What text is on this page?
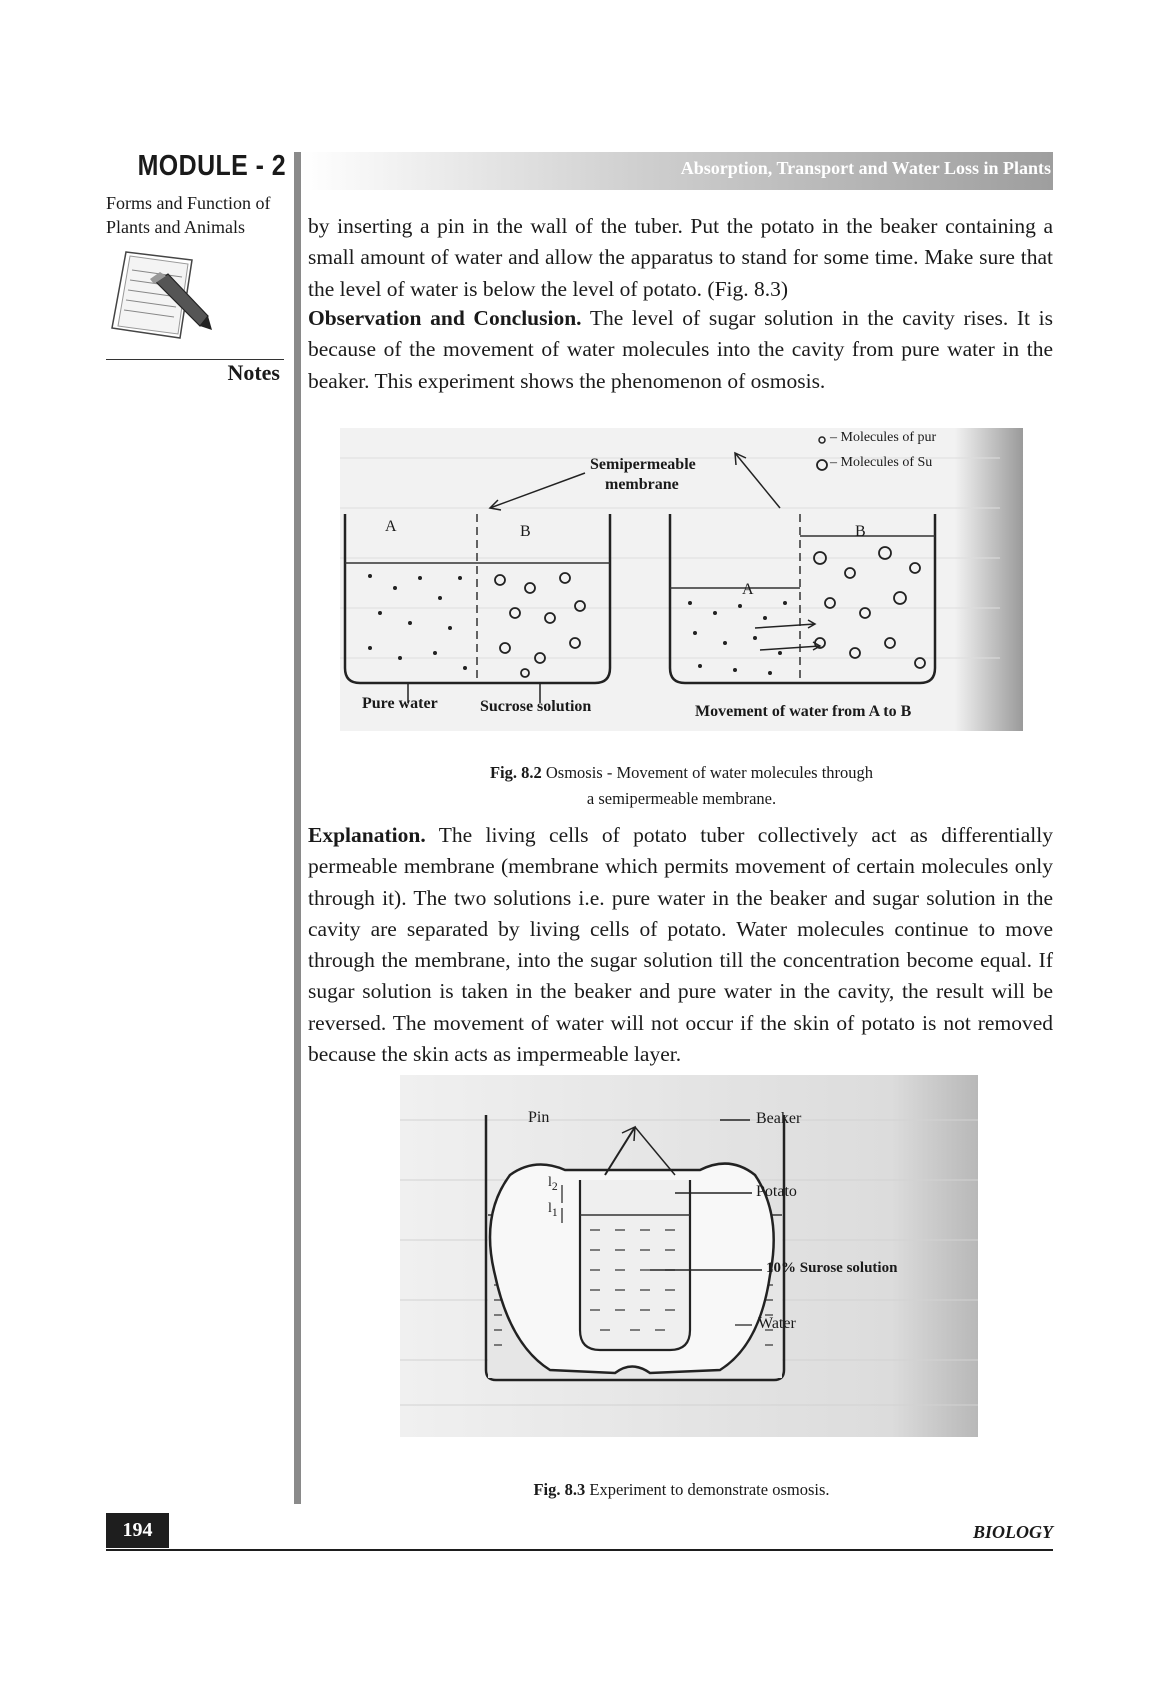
MODULE - 2
Forms and Function of Plants and Animals
Notes
Absorption, Transport and Water Loss in Plants

by inserting a pin in the wall of the tuber. Put the potato in the beaker containing a small amount of water and allow the apparatus to stand for some time. Make sure that the level of water is below the level of potato. (Fig. 8.3)

Observation and Conclusion. The level of sugar solution in the cavity rises. It is because of the movement of water molecules into the cavity from pure water in the beaker. This experiment shows the phenomenon of osmosis.

A	B
A
B
Semipermeable
membrane
– Molecules of pur
– Molecules of Su
Pure water	Sucrose solution	Movement of water from A to B
Fig. 8.2 Osmosis - Movement of water molecules through
a semipermeable membrane.

Explanation. The living cells of potato tuber collectively act as differentially permeable membrane (membrane which permits movement of certain molecules only through it). The two solutions i.e. pure water in the beaker and sugar solution in the cavity are separated by living cells of potato. Water molecules continue to move through the membrane, into the sugar solution till the concentration become equal. If sugar solution is taken in the beaker and pure water in the cavity, the result will be reversed. The movement of water will not occur if the skin of potato is not removed because the skin acts as impermeable layer.

Pin	Beaker
Potato
10% Surose solution
Water
$l_2$
$l_1$
Fig. 8.3 Experiment to demonstrate osmosis.
194	BIOLOGY
